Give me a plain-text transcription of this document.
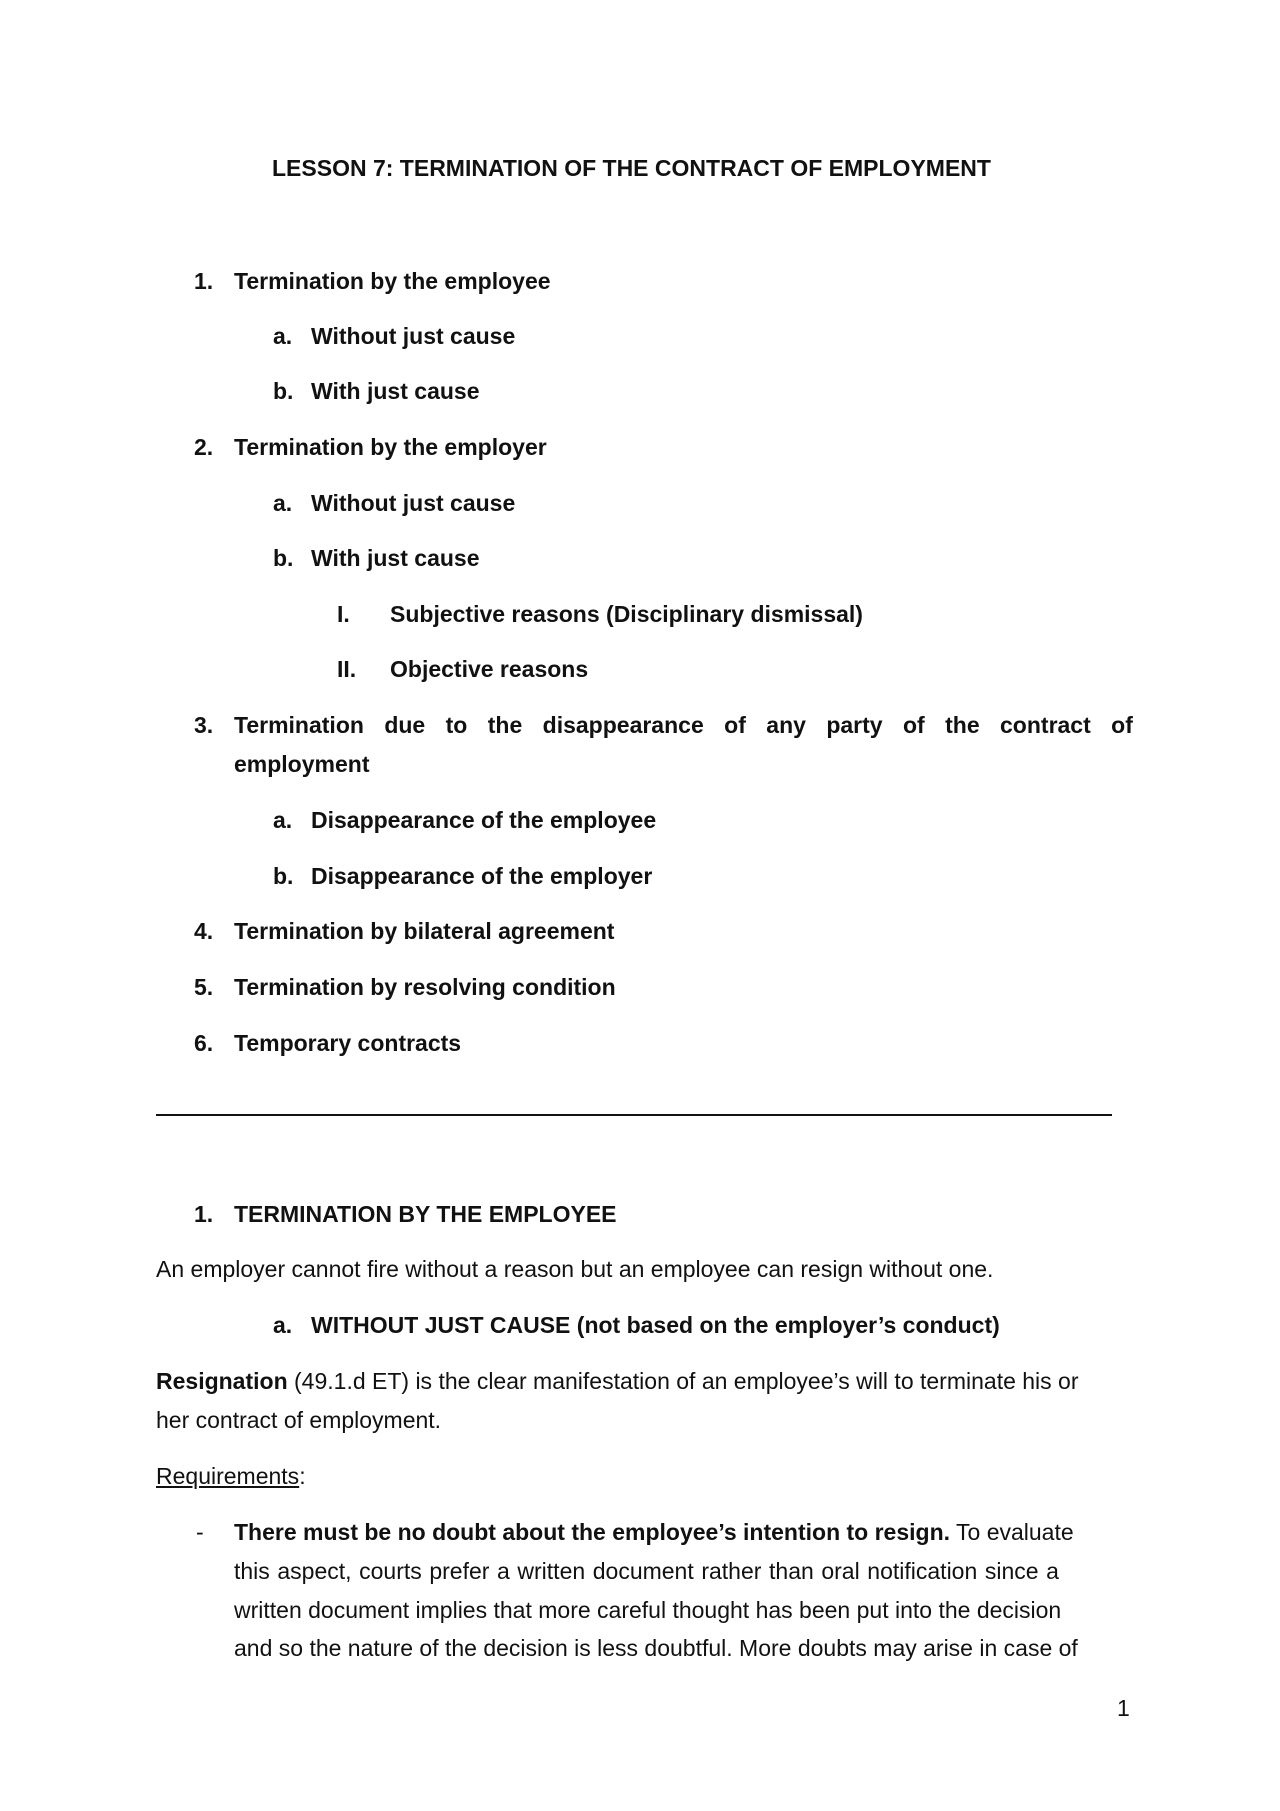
LESSON 7: TERMINATION OF THE CONTRACT OF EMPLOYMENT
1. Termination by the employee
a. Without just cause
b. With just cause
2. Termination by the employer
a. Without just cause
b. With just cause
I. Subjective reasons (Disciplinary dismissal)
II. Objective reasons
3. Termination due to the disappearance of any party of the contract of
employment
a. Disappearance of the employee
b. Disappearance of the employer
4. Termination by bilateral agreement
5. Termination by resolving condition
6. Temporary contracts
1. TERMINATION BY THE EMPLOYEE
An employer cannot fire without a reason but an employee can resign without one.
a. WITHOUT JUST CAUSE (not based on the employer’s conduct)
Resignation (49.1.d ET) is the clear manifestation of an employee’s will to terminate his or
her contract of employment.
Requirements:
- There must be no doubt about the employee’s intention to resign. To evaluate
this aspect, courts prefer a written document rather than oral notification since a
written document implies that more careful thought has been put into the decision
and so the nature of the decision is less doubtful. More doubts may arise in case of
1
